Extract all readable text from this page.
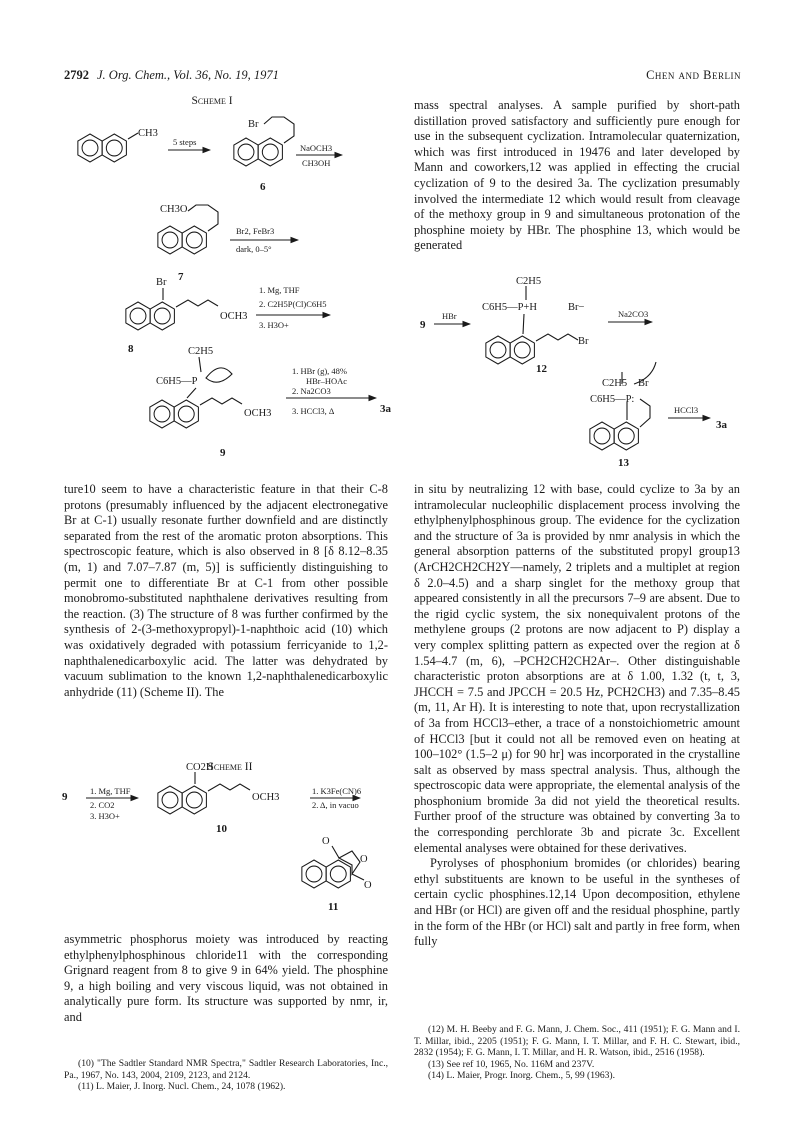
2792 J. Org. Chem., Vol. 36, No. 19, 1971	Chen and Berlin
Scheme I
CH3
5 steps
Br
6
NaOCH3
CH3OH
CH3O
7
Br2, FeBr3
dark, 0–5°
Br
OCH3
8
1. Mg, THF
2. C2H5P(Cl)C6H5
3. H3O+
C2H5
C6H5—P
OCH3
9
1. HBr (g), 48%
HBr–HOAc
2. Na2CO3
3. HCCl3, Δ	3a

ture10 seem to have a characteristic feature in that their C-8 protons (presumably influenced by the adjacent electronegative Br at C-1) usually resonate further downfield and are distinctly separated from the rest of the aromatic proton absorptions. This spectroscopic feature, which is also observed in 8 [δ 8.12–8.35 (m, 1) and 7.07–7.87 (m, 5)] is sufficiently distinguishing to permit one to differentiate Br at C-1 from other possible monobromo-substituted naphthalene derivatives resulting from the reaction. (3) The structure of 8 was further confirmed by the synthesis of 2-(3-methoxypropyl)-1-naphthoic acid (10) which was oxidatively degraded with potassium ferricyanide to 1,2-naphthalenedicarboxylic acid. The latter was dehydrated by vacuum sublimation to the known 1,2-naphthalenedicarboxylic anhydride (11) (Scheme II). The

Scheme II
9	1. Mg, THF
2. CO2
3. H3O+
CO2H
OCH3
10
1. K3Fe(CN)6
2. Δ, in vacuo
O
O
O
11

asymmetric phosphorus moiety was introduced by reacting ethylphenylphosphinous chloride11 with the corresponding Grignard reagent from 8 to give 9 in 64% yield. The phosphine 9, a high boiling and very viscous liquid, was not obtained in analytically pure form. Its structure was supported by nmr, ir, and

(10) "The Sadtler Standard NMR Spectra," Sadtler Research Laboratories, Inc., Pa., 1967, No. 143, 2004, 2109, 2123, and 2124.

(11) L. Maier, J. Inorg. Nucl. Chem., 24, 1078 (1962).

mass spectral analyses. A sample purified by short-path distillation proved satisfactory and sufficiently pure enough for use in the subsequent cyclization. Intramolecular quaternization, which was first introduced in 19476 and later developed by Mann and coworkers,12 was applied in effecting the crucial cyclization of 9 to the desired 3a. The cyclization presumably involved the intermediate 12 which would result from cleavage of the methoxy group in 9 and simultaneous protonation of the phosphine moiety by HBr. The phosphine 13, which would be generated

9
HBr
C2H5
C6H5—P+H	Br−
Br
12
Na2CO3
C2H5 Br
C6H5—P:
13
HCCl3
3a

in situ by neutralizing 12 with base, could cyclize to 3a by an intramolecular nucleophilic displacement process involving the ethylphenylphosphinous group. The evidence for the cyclization and the structure of 3a is provided by nmr analysis in which the general absorption patterns of the substituted propyl group13 (ArCH2CH2CH2Y—namely, 2 triplets and a multiplet at region δ 2.0–4.5) and a sharp singlet for the methoxy group that appeared consistently in all the precursors 7–9 are absent. Due to the rigid cyclic system, the six nonequivalent protons of the methylene groups (2 protons are now adjacent to P) display a very complex splitting pattern as expected over the region at δ 1.54–4.7 (m, 6), –PCH2CH2CH2Ar–. Other distinguishable characteristic proton absorptions are at δ 1.00, 1.32 (t, t, 3, JHCCH = 7.5 and JPCCH = 20.5 Hz, PCH2CH3) and 7.35–8.45 (m, 11, Ar H). It is interesting to note that, upon recrystallization of 3a from HCCl3–ether, a trace of a nonstoichiometric amount of HCCl3 [but it could not all be removed even on heating at 100–102° (1.5–2 μ) for 90 hr] was incorporated in the crystalline salt as observed by mass spectral analysis. Thus, although the spectroscopic data were appropriate, the elemental analysis of the phosphonium bromide 3a did not yield the theoretical results. Further proof of the structure was obtained by converting 3a to the corresponding perchlorate 3b and picrate 3c. Excellent elemental analyses were obtained for these derivatives.

Pyrolyses of phosphonium bromides (or chlorides) bearing ethyl substituents are known to be useful in the syntheses of certain cyclic phosphines.12,14 Upon decomposition, ethylene and HBr (or HCl) are given off and the residual phosphine, partly in the form of the HBr (or HCl) salt and partly in free form, when fully

(12) M. H. Beeby and F. G. Mann, J. Chem. Soc., 411 (1951); F. G. Mann and I. T. Millar, ibid., 2205 (1951); F. G. Mann, I. T. Millar, and F. H. C. Stewart, ibid., 2832 (1954); F. G. Mann, I. T. Millar, and H. R. Watson, ibid., 2516 (1958).

(13) See ref 10, 1965, No. 116M and 237V.

(14) L. Maier, Progr. Inorg. Chem., 5, 99 (1963).
